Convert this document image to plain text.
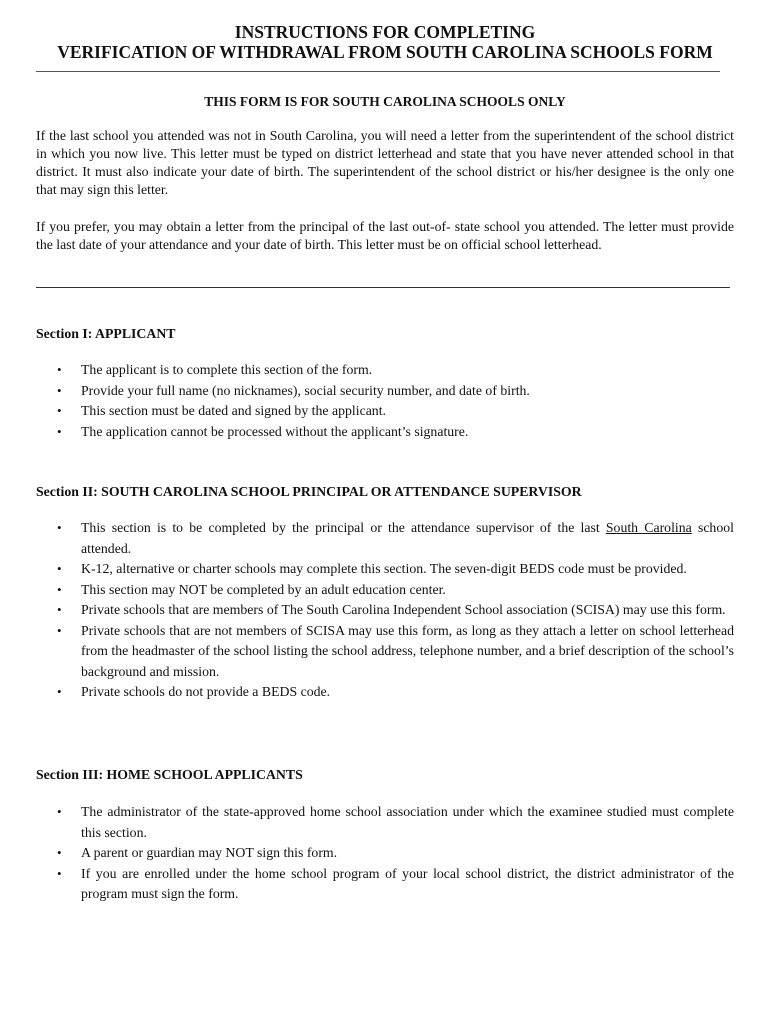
INSTRUCTIONS FOR COMPLETING
VERIFICATION OF WITHDRAWAL FROM SOUTH CAROLINA SCHOOLS FORM
THIS FORM IS FOR SOUTH CAROLINA SCHOOLS ONLY

If the last school you attended was not in South Carolina, you will need a letter from the superintendent of the school district in which you now live. This letter must be typed on district letterhead and state that you have never attended school in that district. It must also indicate your date of birth. The superintendent of the school district or his/her designee is the only one that may sign this letter.

If you prefer, you may obtain a letter from the principal of the last out-of- state school you attended. The letter must provide the last date of your attendance and your date of birth. This letter must be on official school letterhead.

Section I: APPLICANT
• The applicant is to complete this section of the form.
• Provide your full name (no nicknames), social security number, and date of birth.
• This section must be dated and signed by the applicant.
• The application cannot be processed without the applicant’s signature.
Section II: SOUTH CAROLINA SCHOOL PRINCIPAL OR ATTENDANCE SUPERVISOR
• This section is to be completed by the principal or the attendance supervisor of the last South Carolina school attended.
• K-12, alternative or charter schools may complete this section. The seven-digit BEDS code must be provided.
• This section may NOT be completed by an adult education center.
• Private schools that are members of The South Carolina Independent School association (SCISA) may use this form.
• Private schools that are not members of SCISA may use this form, as long as they attach a letter on school letterhead from the headmaster of the school listing the school address, telephone number, and a brief description of the school’s background and mission.
• Private schools do not provide a BEDS code.
Section III: HOME SCHOOL APPLICANTS
• The administrator of the state-approved home school association under which the examinee studied must complete this section.
• A parent or guardian may NOT sign this form.
• If you are enrolled under the home school program of your local school district, the district administrator of the program must sign the form.
